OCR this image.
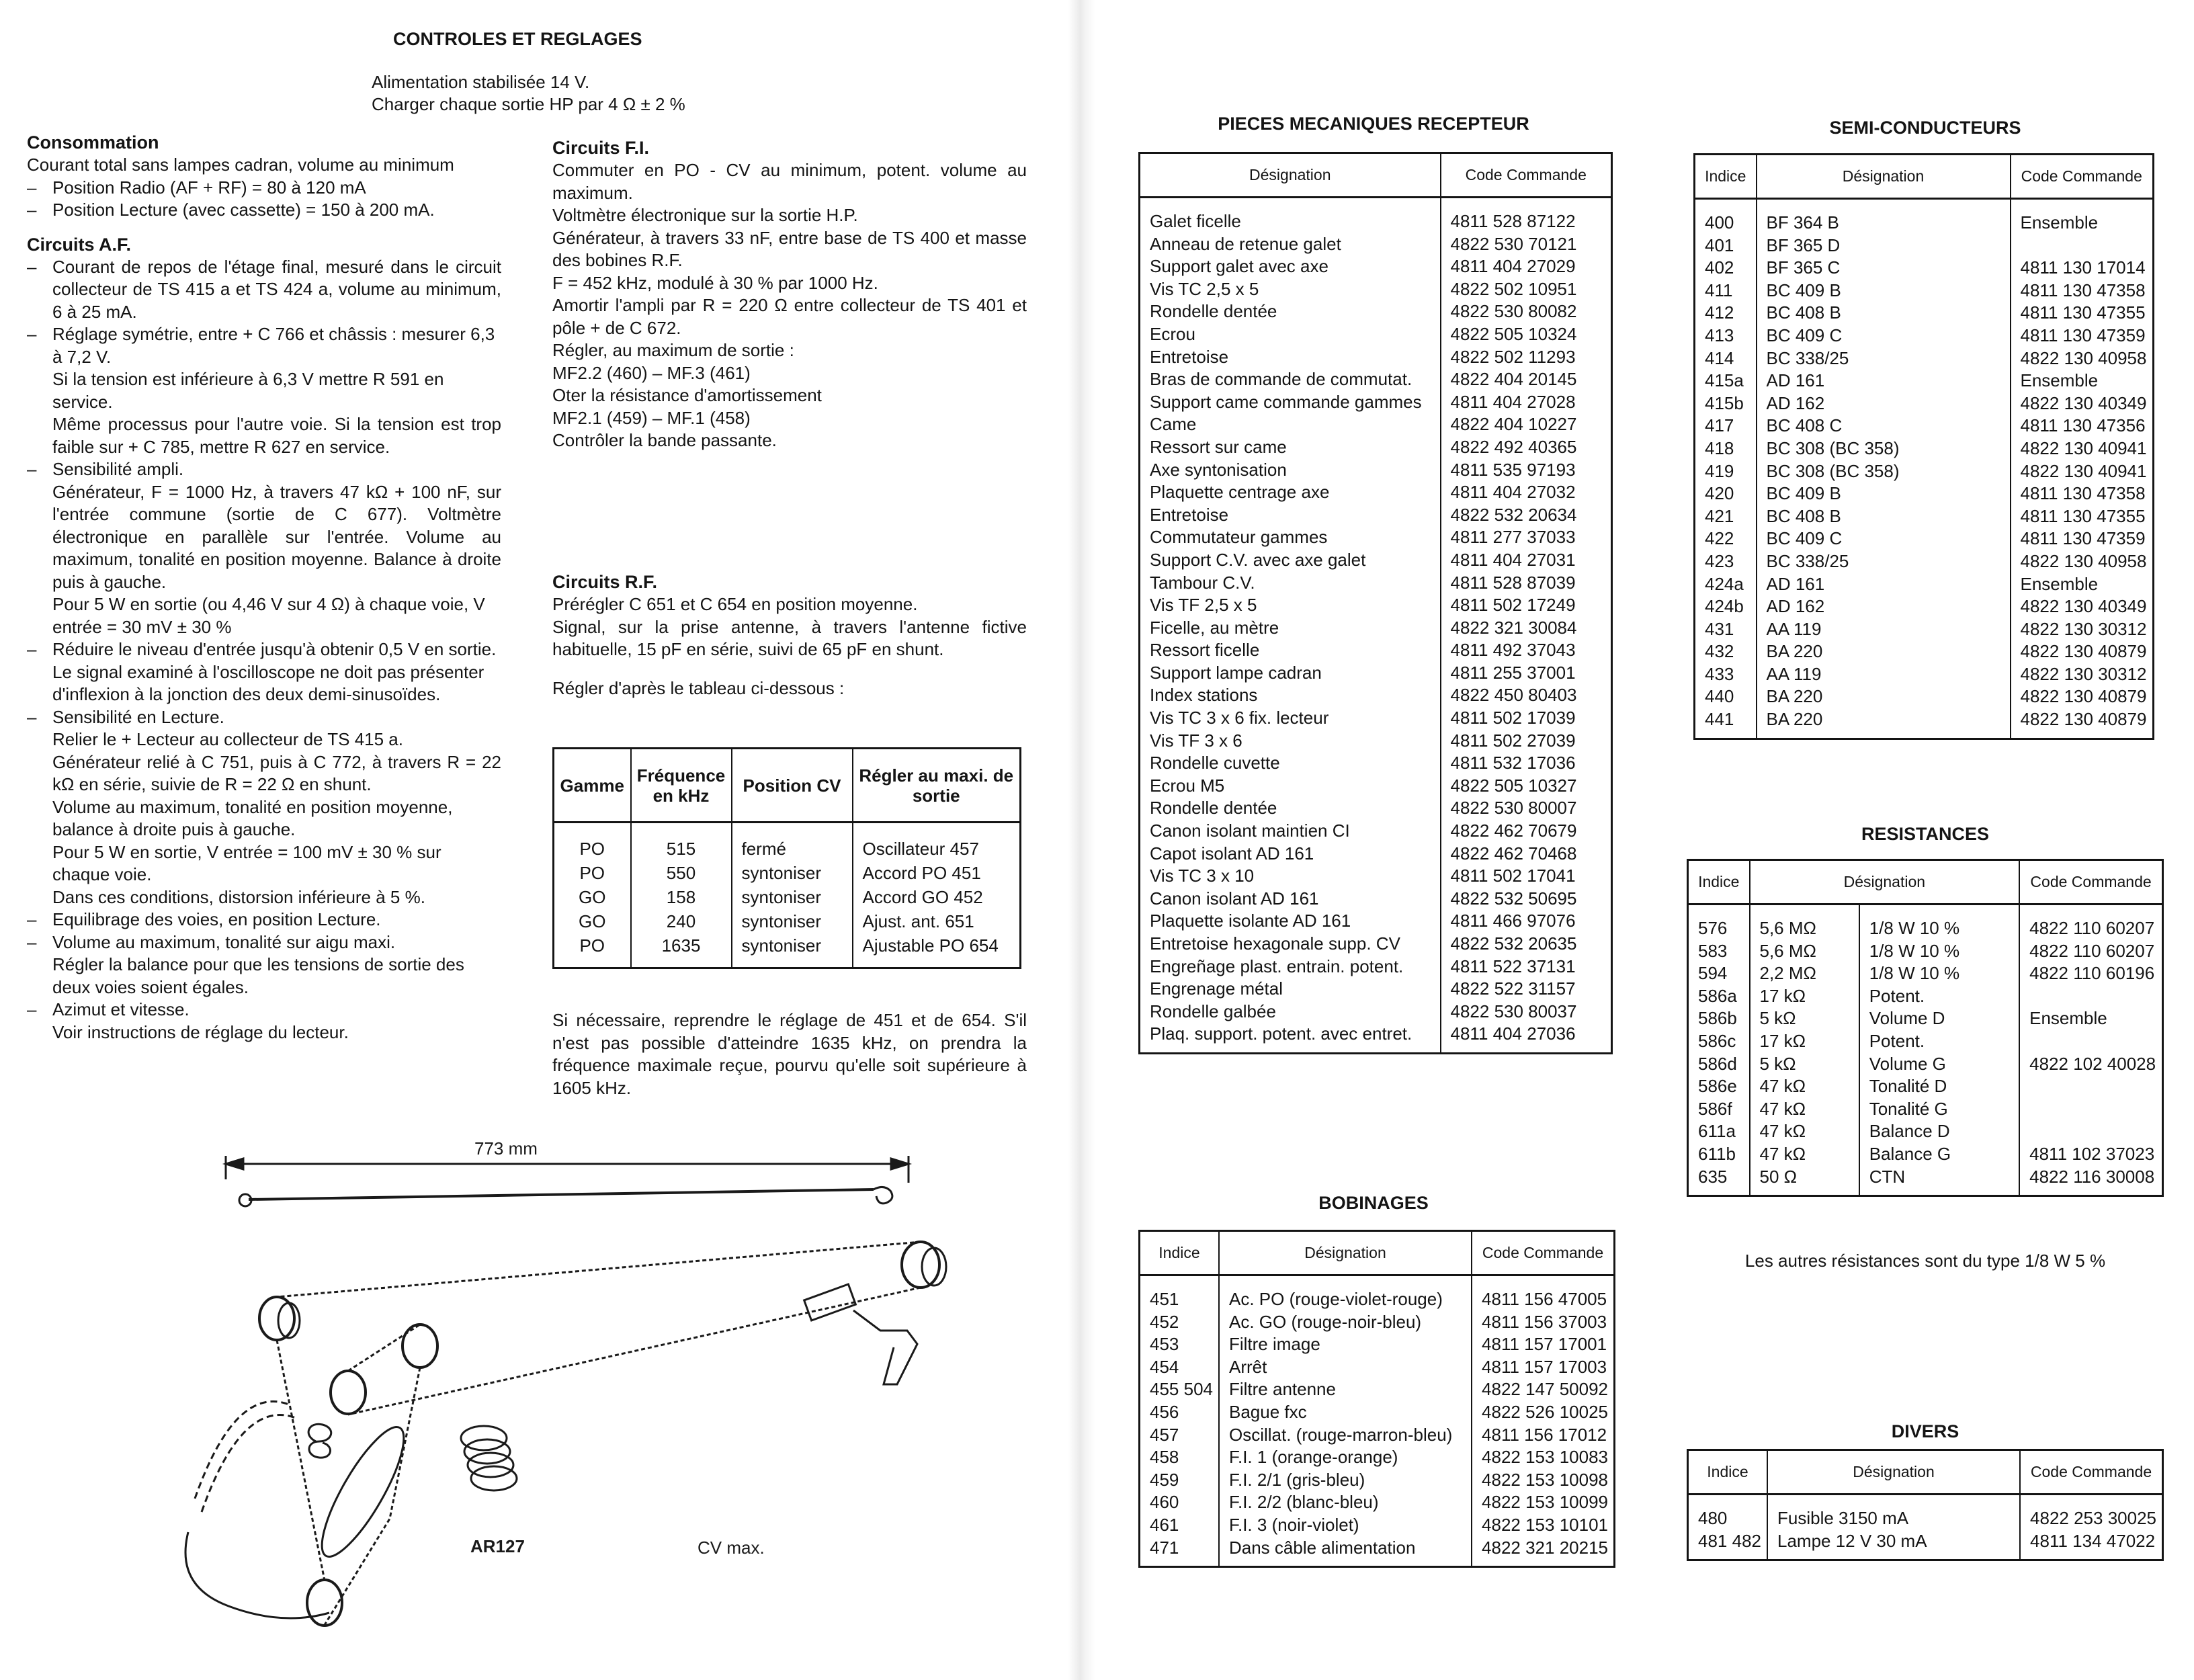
CONTROLES ET REGLAGES
Alimentation stabilisée 14 V.
Charger chaque sortie HP par 4 Ω ± 2 %

Consommation

Courant total sans lampes cadran, volume au minimum

– Position Radio (AF + RF) = 80 à 120 mA

– Position Lecture (avec cassette) = 150 à 200 mA.

Circuits A.F.

– Courant de repos de l'étage final, mesuré dans le circuit collecteur de TS 415 a et TS 424 a, volume au minimum, 6 à 25 mA.

– Réglage symétrie, entre + C 766 et châssis : mesurer 6,3 à 7,2 V.

Si la tension est inférieure à 6,3 V mettre R 591 en service.

Même processus pour l'autre voie. Si la tension est trop faible sur + C 785, mettre R 627 en service.

– Sensibilité ampli.

Générateur, F = 1000 Hz, à travers 47 kΩ + 100 nF, sur l'entrée commune (sortie de C 677). Voltmètre électronique en parallèle sur l'entrée. Volume au maximum, tonalité en position moyenne. Balance à droite puis à gauche.

Pour 5 W en sortie (ou 4,46 V sur 4 Ω) à chaque voie, V entrée = 30 mV ± 30 %

– Réduire le niveau d'entrée jusqu'à obtenir 0,5 V en sortie.

Le signal examiné à l'oscilloscope ne doit pas présenter d'inflexion à la jonction des deux demi-sinusoïdes.

– Sensibilité en Lecture.

Relier le + Lecteur au collecteur de TS 415 a.

Générateur relié à C 751, puis à C 772, à travers R = 22 kΩ en série, suivie de R = 22 Ω en shunt.

Volume au maximum, tonalité en position moyenne, balance à droite puis à gauche.

Pour 5 W en sortie, V entrée = 100 mV ± 30 % sur chaque voie.

Dans ces conditions, distorsion inférieure à 5 %.

– Equilibrage des voies, en position Lecture.

– Volume au maximum, tonalité sur aigu maxi.

Régler la balance pour que les tensions de sortie des deux voies soient égales.

– Azimut et vitesse.

Voir instructions de réglage du lecteur.

Circuits F.I.

Commuter en PO - CV au minimum, potent. volume au maximum.

Voltmètre électronique sur la sortie H.P.

Générateur, à travers 33 nF, entre base de TS 400 et masse des bobines R.F.

F = 452 kHz, modulé à 30 % par 1000 Hz.

Amortir l'ampli par R = 220 Ω entre collecteur de TS 401 et pôle + de C 672.

Régler, au maximum de sortie :

MF2.2 (460) – MF.3 (461)

Oter la résistance d'amortissement

MF2.1 (459) – MF.1 (458)

Contrôler la bande passante.

Circuits R.F.

Prérégler C 651 et C 654 en position moyenne.

Signal, sur la prise antenne, à travers l'antenne fictive habituelle, 15 pF en série, suivi de 65 pF en shunt.

Régler d'après le tableau ci-dessous :

Gamme	Fréquence en kHz	Position CV	Régler au maxi. de sortie
PO	515	fermé	Oscillateur 457
PO	550	syntoniser	Accord PO 451
GO	158	syntoniser	Accord GO 452
GO	240	syntoniser	Ajust. ant. 651
PO	1635	syntoniser	Ajustable PO 654
Si nécessaire, reprendre le réglage de 451 et de 654. S'il n'est pas possible d'atteindre 1635 kHz, on prendra la fréquence maximale reçue, pourvu qu'elle soit supérieure à 1605 kHz.
773 mm
AR127	CV max.
PIECES MECANIQUES RECEPTEUR
Désignation	Code Commande
Galet ficelle	4811 528 87122
Anneau de retenue galet	4822 530 70121
Support galet avec axe	4811 404 27029
Vis TC 2,5 x 5	4822 502 10951
Rondelle dentée	4822 530 80082
Ecrou	4822 505 10324
Entretoise	4822 502 11293
Bras de commande de commutat.	4822 404 20145
Support came commande gammes	4811 404 27028
Came	4822 404 10227
Ressort sur came	4822 492 40365
Axe syntonisation	4811 535 97193
Plaquette centrage axe	4811 404 27032
Entretoise	4822 532 20634
Commutateur gammes	4811 277 37033
Support C.V. avec axe galet	4811 404 27031
Tambour C.V.	4811 528 87039
Vis TF 2,5 x 5	4811 502 17249
Ficelle, au mètre	4822 321 30084
Ressort ficelle	4811 492 37043
Support lampe cadran	4811 255 37001
Index stations	4822 450 80403
Vis TC 3 x 6 fix. lecteur	4811 502 17039
Vis TF 3 x 6	4811 502 27039
Rondelle cuvette	4811 532 17036
Ecrou M5	4822 505 10327
Rondelle dentée	4822 530 80007
Canon isolant maintien CI	4822 462 70679
Capot isolant AD 161	4822 462 70468
Vis TC 3 x 10	4811 502 17041
Canon isolant AD 161	4822 532 50695
Plaquette isolante AD 161	4811 466 97076
Entretoise hexagonale supp. CV	4822 532 20635
Engreñage plast. entrain. potent.	4811 522 37131
Engrenage métal	4822 522 31157
Rondelle galbée	4822 530 80037
Plaq. support. potent. avec entret.	4811 404 27036
BOBINAGES
Indice	Désignation	Code Commande
451	Ac. PO (rouge-violet-rouge)	4811 156 47005
452	Ac. GO (rouge-noir-bleu)	4811 156 37003
453	Filtre image	4811 157 17001
454	Arrêt	4811 157 17003
455 504	Filtre antenne	4822 147 50092
456	Bague fxc	4822 526 10025
457	Oscillat. (rouge-marron-bleu)	4811 156 17012
458	F.I. 1 (orange-orange)	4822 153 10083
459	F.I. 2/1 (gris-bleu)	4822 153 10098
460	F.I. 2/2 (blanc-bleu)	4822 153 10099
461	F.I. 3 (noir-violet)	4822 153 10101
471	Dans câble alimentation	4822 321 20215
SEMI-CONDUCTEURS
Indice	Désignation	Code Commande
400	BF 364 B	Ensemble
401	BF 365 D	
402	BF 365 C	4811 130 17014
411	BC 409 B	4811 130 47358
412	BC 408 B	4811 130 47355
413	BC 409 C	4811 130 47359
414	BC 338/25	4822 130 40958
415a	AD 161	Ensemble
415b	AD 162	4822 130 40349
417	BC 408 C	4811 130 47356
418	BC 308 (BC 358)	4822 130 40941
419	BC 308 (BC 358)	4822 130 40941
420	BC 409 B	4811 130 47358
421	BC 408 B	4811 130 47355
422	BC 409 C	4811 130 47359
423	BC 338/25	4822 130 40958
424a	AD 161	Ensemble
424b	AD 162	4822 130 40349
431	AA 119	4822 130 30312
432	BA 220	4822 130 40879
433	AA 119	4822 130 30312
440	BA 220	4822 130 40879
441	BA 220	4822 130 40879
RESISTANCES
Indice	Désignation		Code Commande
576	5,6 MΩ	1/8 W 10 %	4822 110 60207
583	5,6 MΩ	1/8 W 10 %	4822 110 60207
594	2,2 MΩ	1/8 W 10 %	4822 110 60196
586a	17 kΩ	Potent.	
586b	5 kΩ	Volume D	Ensemble
586c	17 kΩ	Potent.	
586d	5 kΩ	Volume G	4822 102 40028
586e	47 kΩ	Tonalité D	
586f	47 kΩ	Tonalité G	
611a	47 kΩ	Balance D	
611b	47 kΩ	Balance G	4811 102 37023
635	50 Ω	CTN	4822 116 30008
Les autres résistances sont du type 1/8 W 5 %
DIVERS
Indice	Désignation	Code Commande
480	Fusible 3150 mA	4822 253 30025
481 482	Lampe 12 V 30 mA	4811 134 47022
